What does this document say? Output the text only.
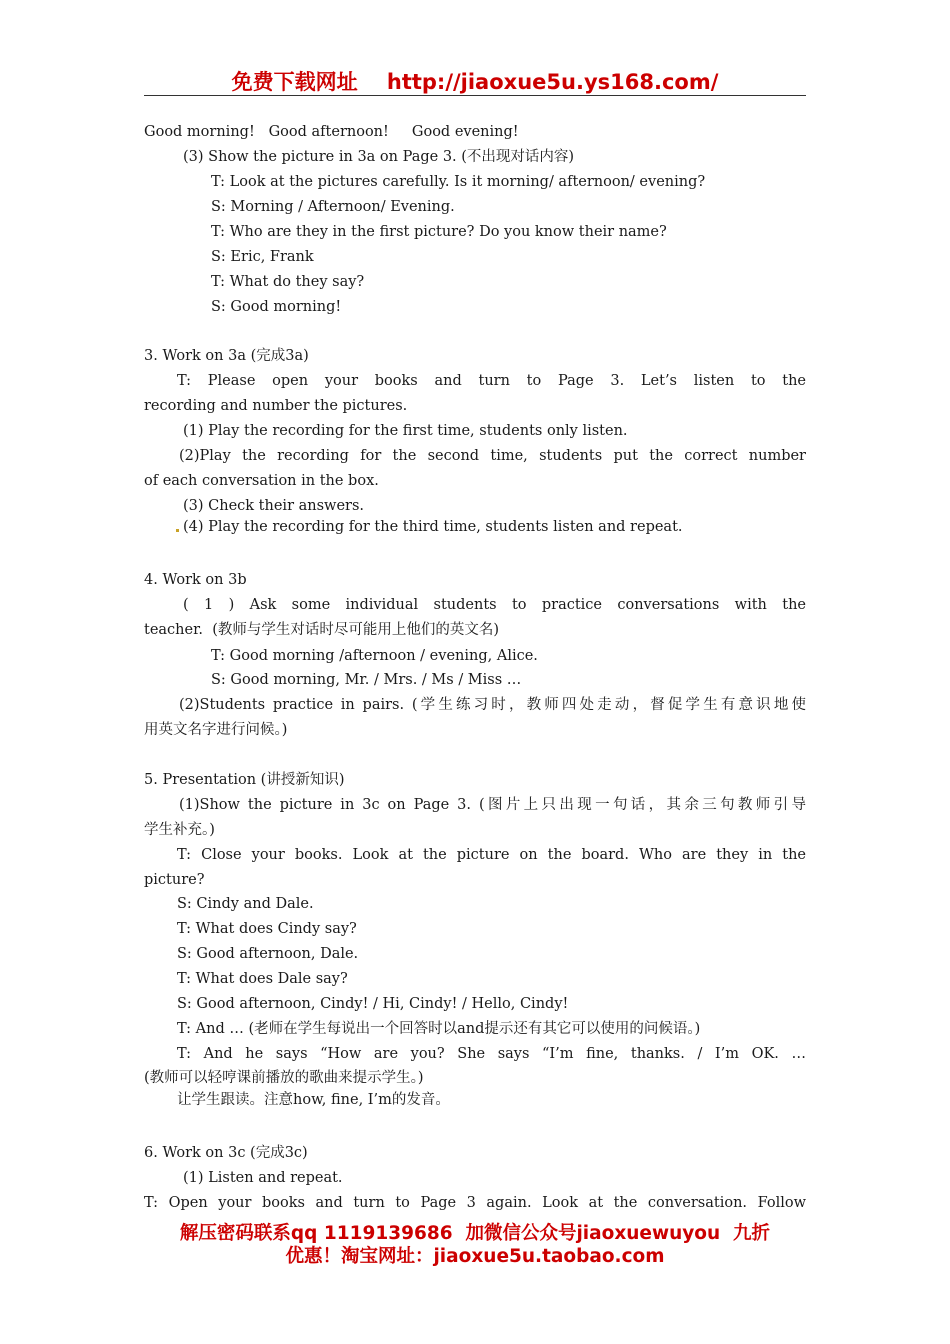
免费下载网址    http://jiaoxue5u.ys168.com/
Good morning!   Good afternoon!     Good evening!
(3) Show the picture in 3a on Page 3. (不出现对话内容)
T: Look at the pictures carefully. Is it morning/ afternoon/ evening?
S: Morning / Afternoon/ Evening.
T: Who are they in the first picture? Do you know their name?
S: Eric, Frank
T: What do they say?
S: Good morning!
3. Work on 3a (完成3a)
T: Please open your books and turn to Page 3. Let’s listen to the
recording and number the pictures.
(1) Play the recording for the first time, students only listen.
(2)Play the recording for the second time, students put the correct number
of each conversation in the box.
(3) Check their answers.
(4) Play the recording for the third time, students listen and repeat.
4. Work on 3b
( 1 ) Ask some individual students to practice conversations with the
teacher.  (教师与学生对话时尽可能用上他们的英文名)
T: Good morning /afternoon / evening, Alice.
S: Good morning, Mr. / Mrs. / Ms / Miss …
(2)Students practice in pairs. (学生练习时，教师四处走动，督促学生有意识地使
用英文名字进行问候。)
5. Presentation (讲授新知识)
(1)Show the picture in 3c on Page 3. (图片上只出现一句话，其余三句教师引导
学生补充。)
T: Close your books. Look at the picture on the board. Who are they in the
picture?
S: Cindy and Dale.
T: What does Cindy say?
S: Good afternoon, Dale.
T: What does Dale say?
S: Good afternoon, Cindy! / Hi, Cindy! / Hello, Cindy!
T: And … (老师在学生每说出一个回答时以and提示还有其它可以使用的问候语。)
T: And he says “How are you? She says “I’m fine, thanks. / I’m OK. …
(教师可以轻哼课前播放的歌曲来提示学生。)
让学生跟读。注意how, fine, I’m的发音。
6. Work on 3c (完成3c)
(1) Listen and repeat.
T: Open your books and turn to Page 3 again. Look at the conversation. Follow
解压密码联系qq 1119139686  加微信公众号jiaoxuewuyou  九折
优惠！淘宝网址：jiaoxue5u.taobao.com
